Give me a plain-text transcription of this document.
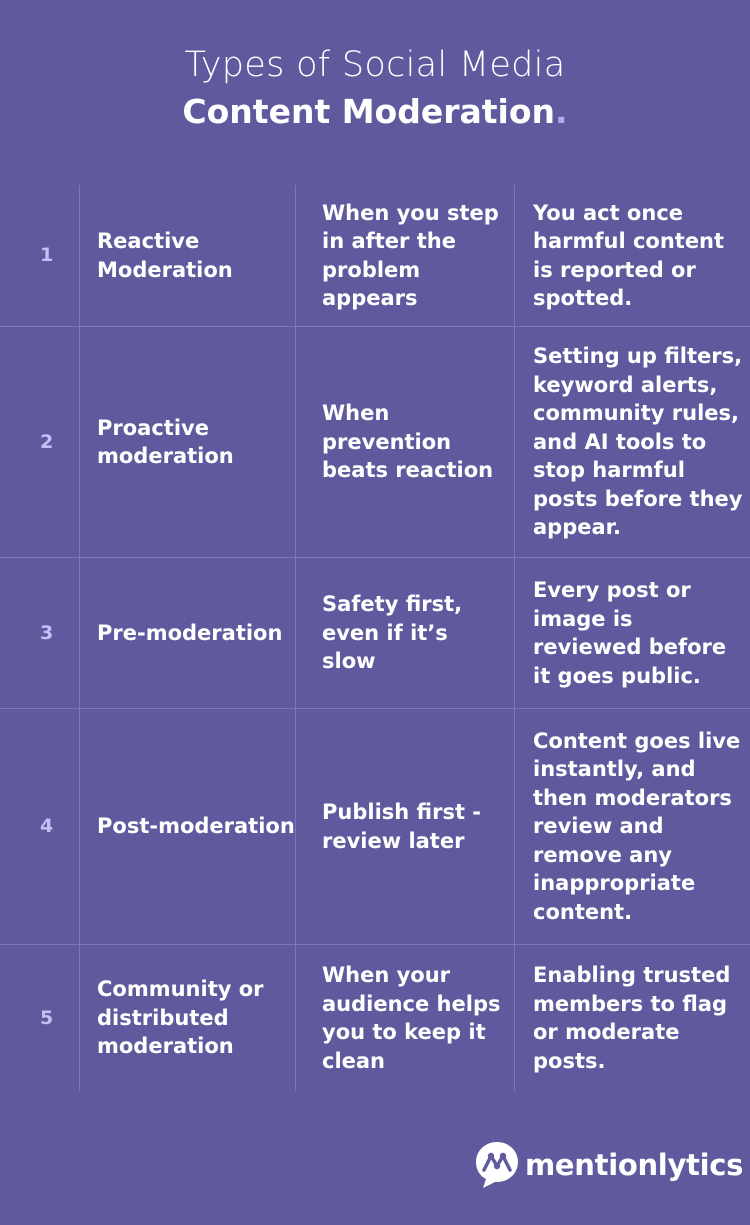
Types of Social Media
Content Moderation.
1
Reactive Moderation
When you step in after the problem appears
You act once harmful content is reported or spotted.
2
Proactive moderation
When prevention beats reaction
Setting up filters, keyword alerts, community rules, and AI tools to stop harmful posts before they appear.
3	Pre-moderation
Safety first, even if it’s slow
Every post or image is reviewed before it goes public.
4	Post-moderation
Publish first - review later
Content goes live instantly, and then moderators review and remove any inappropriate content.
5
Community or distributed moderation
When your audience helps you to keep it clean
Enabling trusted members to flag or moderate posts.
mentionlytics
